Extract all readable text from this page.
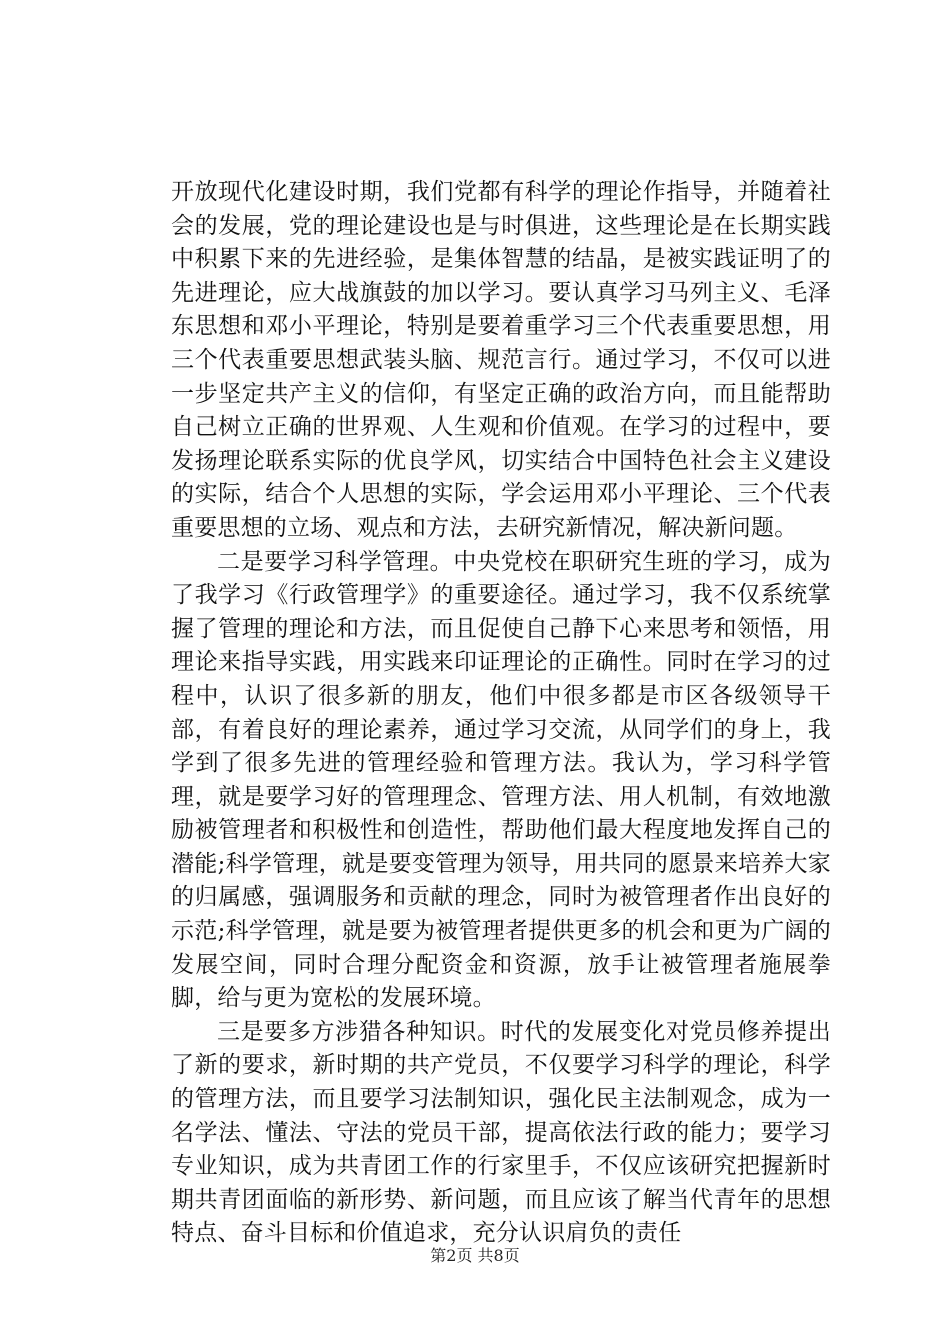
开放现代化建设时期，我们党都有科学的理论作指导，并随着社会的发展，党的理论建设也是与时俱进，这些理论是在长期实践中积累下来的先进经验，是集体智慧的结晶，是被实践证明了的先进理论，应大战旗鼓的加以学习。要认真学习马列主义、毛泽东思想和邓小平理论，特别是要着重学习三个代表重要思想，用三个代表重要思想武装头脑、规范言行。通过学习，不仅可以进一步坚定共产主义的信仰，有坚定正确的政治方向，而且能帮助自己树立正确的世界观、人生观和价值观。在学习的过程中，要发扬理论联系实际的优良学风，切实结合中国特色社会主义建设的实际，结合个人思想的实际，学会运用邓小平理论、三个代表重要思想的立场、观点和方法，去研究新情况，解决新问题。

二是要学习科学管理。中央党校在职研究生班的学习，成为了我学习《行政管理学》的重要途径。通过学习，我不仅系统掌握了管理的理论和方法，而且促使自己静下心来思考和领悟，用理论来指导实践，用实践来印证理论的正确性。同时在学习的过程中，认识了很多新的朋友，他们中很多都是市区各级领导干部，有着良好的理论素养，通过学习交流，从同学们的身上，我学到了很多先进的管理经验和管理方法。我认为，学习科学管理，就是要学习好的管理理念、管理方法、用人机制，有效地激励被管理者和积极性和创造性，帮助他们最大程度地发挥自己的潜能;科学管理，就是要变管理为领导，用共同的愿景来培养大家的归属感，强调服务和贡献的理念，同时为被管理者作出良好的示范;科学管理，就是要为被管理者提供更多的机会和更为广阔的发展空间，同时合理分配资金和资源，放手让被管理者施展拳脚，给与更为宽松的发展环境。

三是要多方涉猎各种知识。时代的发展变化对党员修养提出了新的要求，新时期的共产党员，不仅要学习科学的理论，科学的管理方法，而且要学习法制知识，强化民主法制观念，成为一名学法、懂法、守法的党员干部，提高依法行政的能力；要学习专业知识，成为共青团工作的行家里手，不仅应该研究把握新时期共青团面临的新形势、新问题，而且应该了解当代青年的思想特点、奋斗目标和价值追求，充分认识肩负的责任

第2页 共8页
